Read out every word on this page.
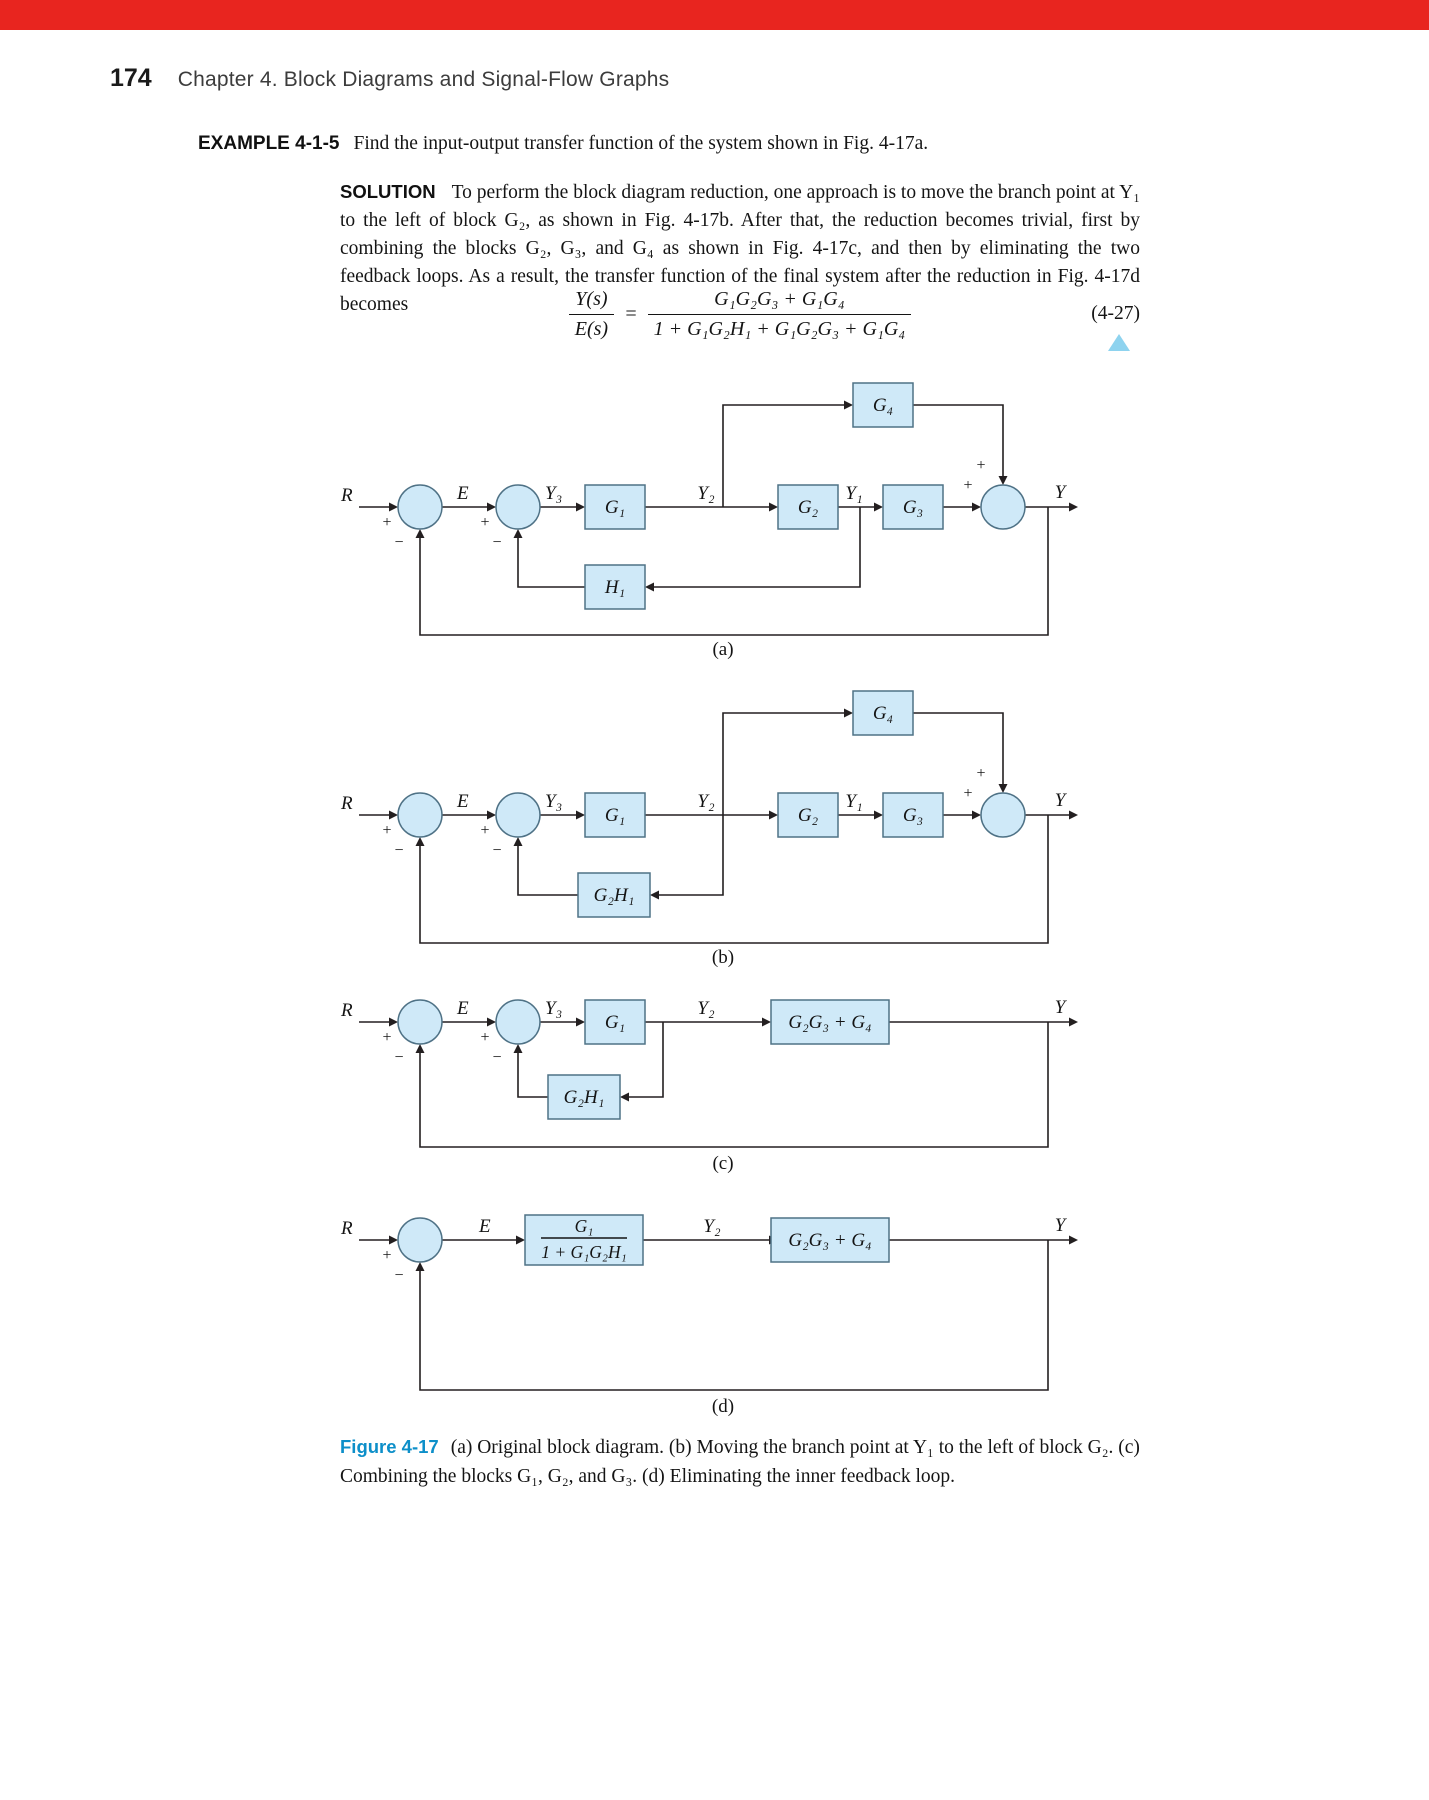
174 Chapter 4. Block Diagrams and Signal-Flow Graphs

EXAMPLE 4-1-5 Find the input-output transfer function of the system shown in Fig. 4-17a.

SOLUTION To perform the block diagram reduction, one approach is to move the branch point at Y₁ to the left of block G₂, as shown in Fig. 4-17b. After that, the reduction becomes trivial, first by combining the blocks G₂, G₃, and G₄ as shown in Fig. 4-17c, and then by eliminating the two feedback loops. As a result, the transfer function of the final system after the reduction in Fig. 4-17d becomes	$\frac{Y(s)}{E(s)} = \frac{\text{G₁G₂G₃ + G₁G₄}}{\text{1 + G₁G₂H₁ + G₁G₂G₃ + G₁G₄}}$	(4-27)
R
+
−
E
+
−
Y₃
G₁
Y₂
G₂
Y₁
G₃
G₄
H₁
+
+
Y
(a)
R
+
−
E
+
−
Y₃
G₁
Y₂
G₂
Y₁
G₃
G₄
G₂H₁
+
+
Y
(b)
R
+
−
E
+
−
Y₃
G₁
Y₂
G₂G₃ + G₄
G₂H₁
Y
(c)
R
+
−
E	G₁
1 + G₁G₂H₁
Y₂
G₂G₃ + G₄
Y
(d)

Figure 4-17 (a) Original block diagram. (b) Moving the branch point at Y₁ to the left of block G₂. (c) Combining the blocks G₁, G₂, and G₃. (d) Eliminating the inner feedback loop.
